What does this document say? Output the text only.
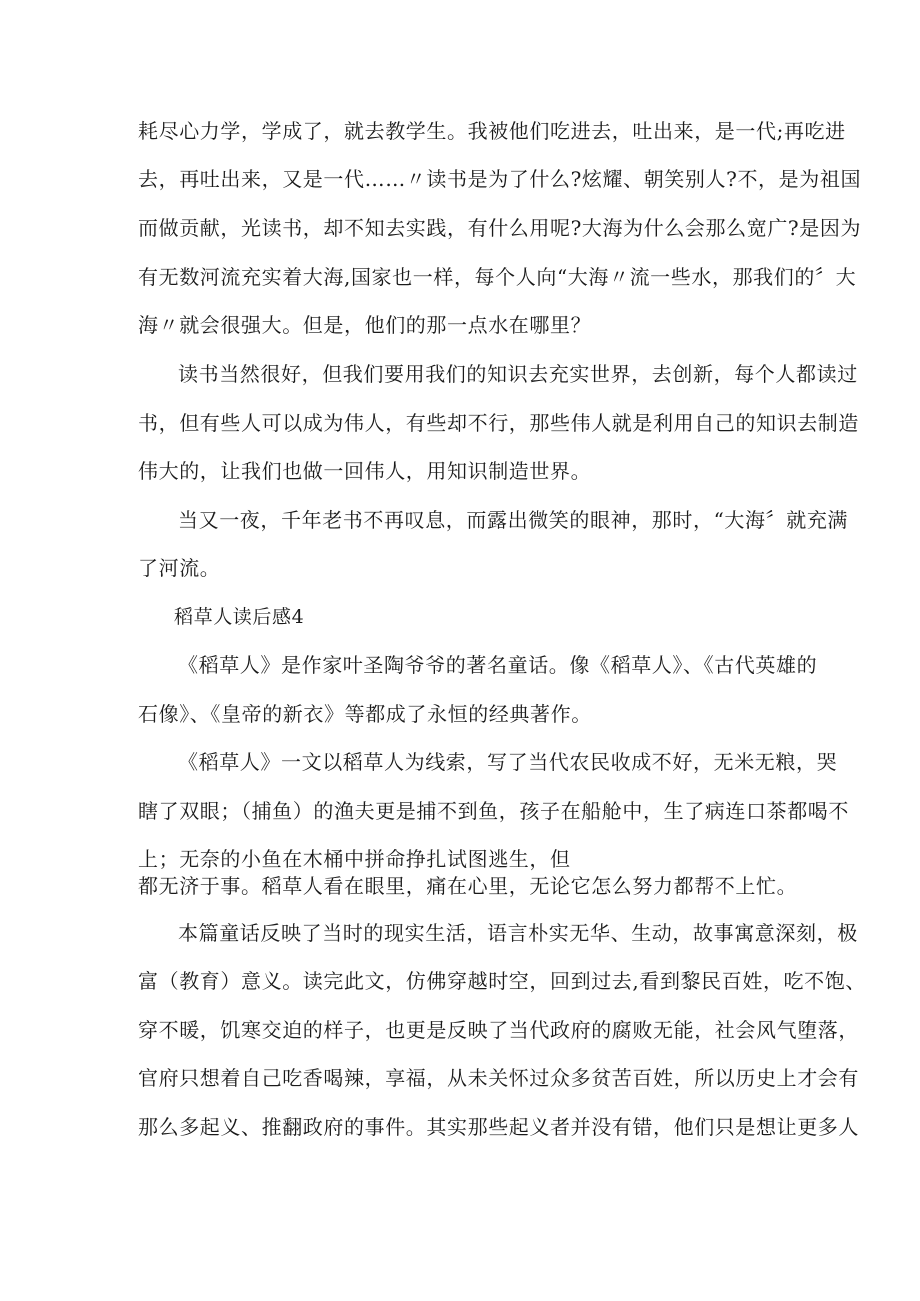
耗尽心力学，学成了，就去教学生。我被他们吃进去，吐出来，是一代;再吃进
去，再吐出来，又是一代……〃读书是为了什么?炫耀、朝笑别人?不，是为祖国
而做贡献，光读书，却不知去实践，有什么用呢?大海为什么会那么宽广?是因为
有无数河流充实着大海,国家也一样，每个人向“大海〃流一些水，那我们的〞大
海〃就会很强大。但是，他们的那一点水在哪里？
读书当然很好，但我们要用我们的知识去充实世界，去创新，每个人都读过
书，但有些人可以成为伟人，有些却不行，那些伟人就是利用自己的知识去制造
伟大的，让我们也做一回伟人，用知识制造世界。
当又一夜，千年老书不再叹息，而露出微笑的眼神，那时，“大海〞就充满
了河流。
稻草人读后感4
《稻草人》是作家叶圣陶爷爷的著名童话。像《稻草人》、《古代英雄的
石像》、《皇帝的新衣》等都成了永恒的经典著作。
《稻草人》一文以稻草人为线索，写了当代农民收成不好，无米无粮，哭
瞎了双眼；（捕鱼）的渔夫更是捕不到鱼，孩子在船舱中，生了病连口茶都喝不
上；无奈的小鱼在木桶中拼命挣扎试图逃生，但
都无济于事。稻草人看在眼里，痛在心里，无论它怎么努力都帮不上忙。
本篇童话反映了当时的现实生活，语言朴实无华、生动，故事寓意深刻，极
富（教育）意义。读完此文，仿佛穿越时空，回到过去,看到黎民百姓，吃不饱、
穿不暖，饥寒交迫的样子，也更是反映了当代政府的腐败无能，社会风气堕落，
官府只想着自己吃香喝辣，享福，从未关怀过众多贫苦百姓，所以历史上才会有
那么多起义、推翻政府的事件。其实那些起义者并没有错，他们只是想让更多人
